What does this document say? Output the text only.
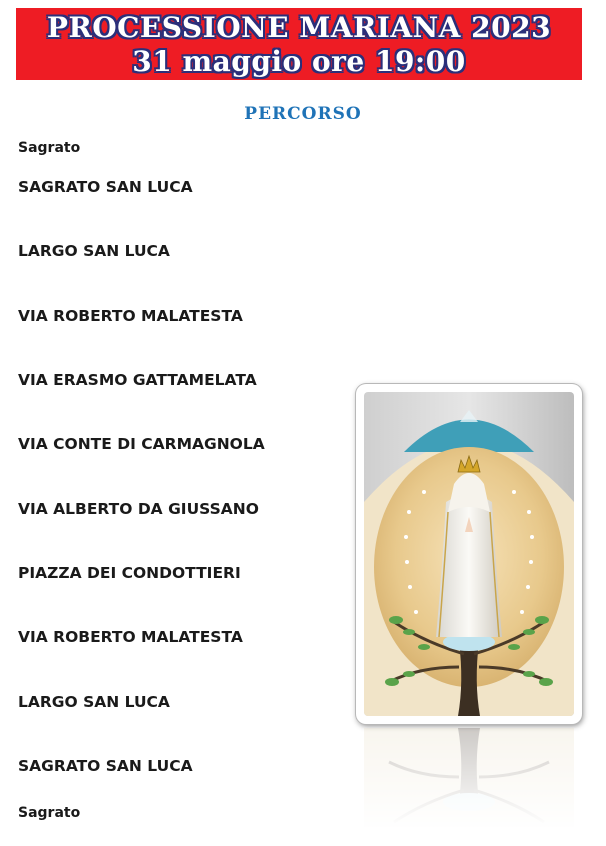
PROCESSIONE MARIANA 2023
31 maggio ore 19:00
PERCORSO
Sagrato
SAGRATO SAN LUCA
LARGO SAN LUCA
VIA ROBERTO MALATESTA
VIA ERASMO GATTAMELATA
VIA CONTE DI CARMAGNOLA
VIA ALBERTO DA GIUSSANO
PIAZZA DEI CONDOTTIERI
VIA ROBERTO MALATESTA
LARGO SAN LUCA
SAGRATO SAN LUCA
Sagrato
